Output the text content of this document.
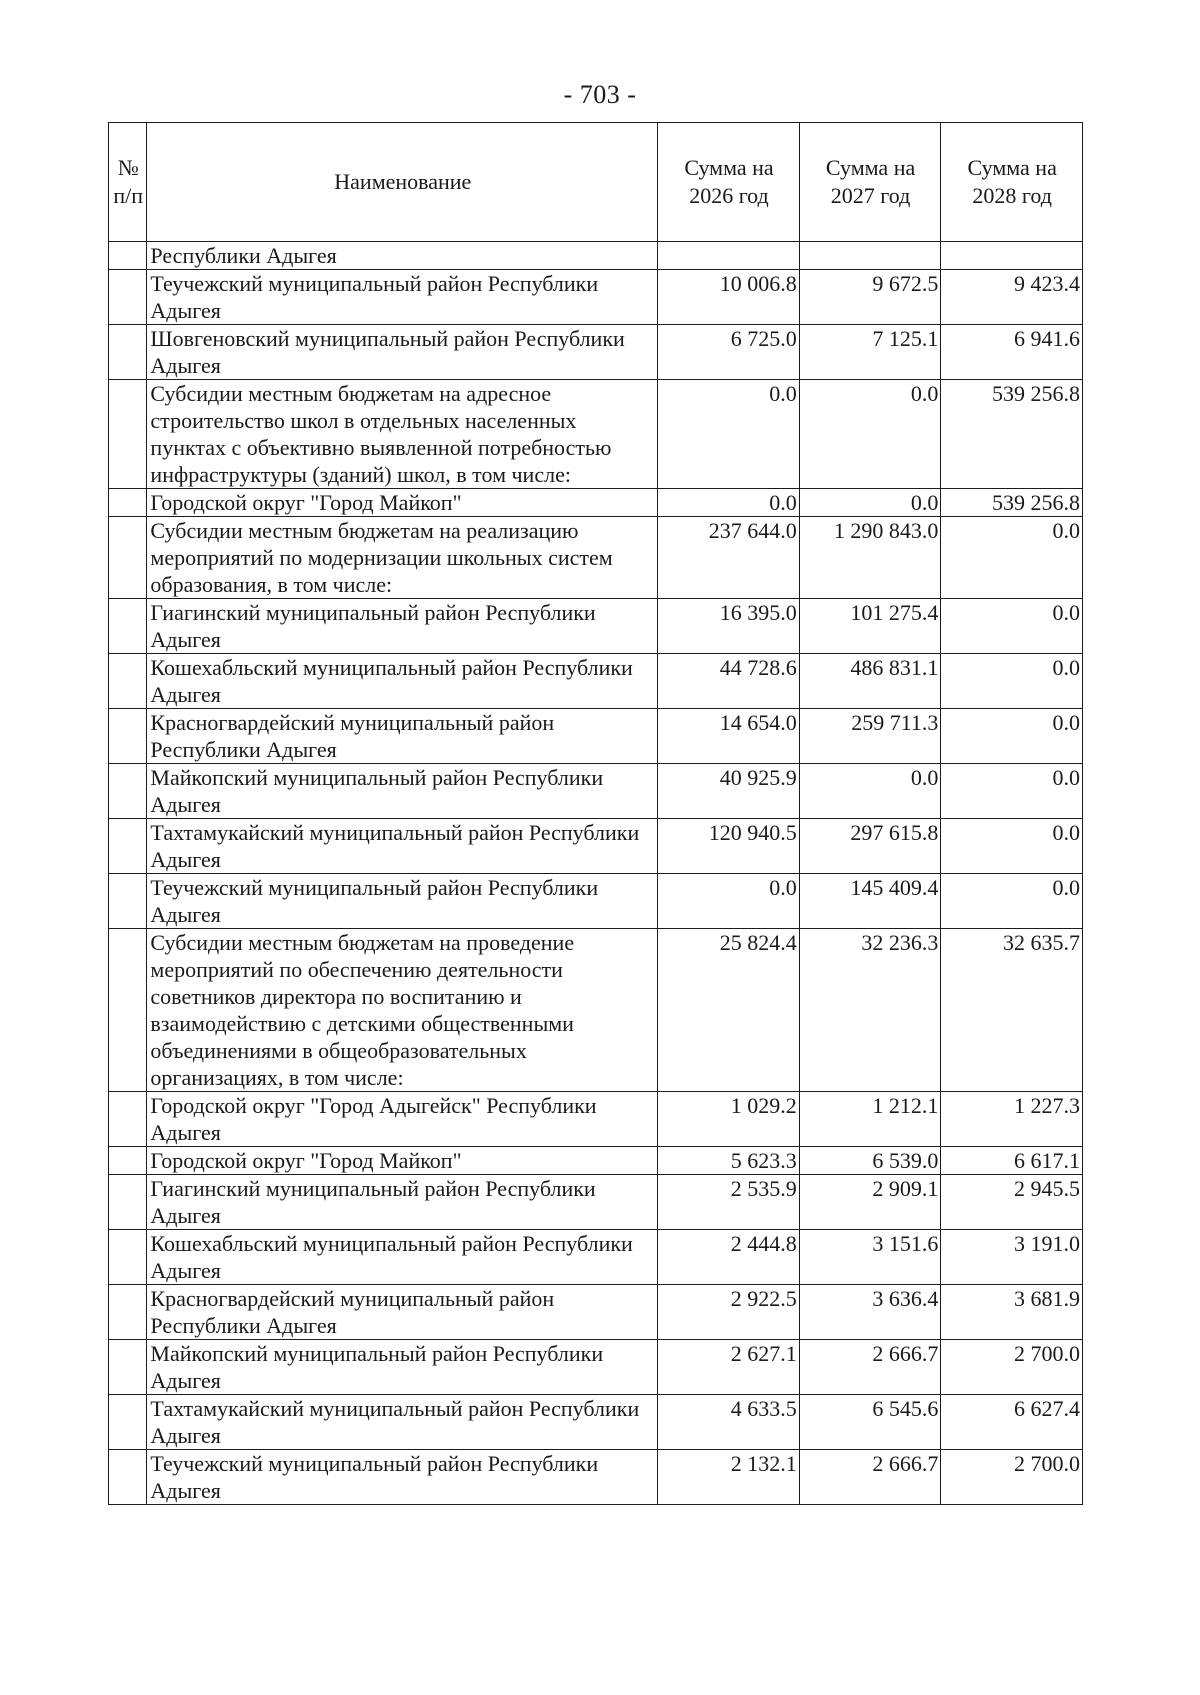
- 703 -
№ п/п	Наименование	Сумма на 2026 год	Сумма на 2027 год	Сумма на 2028 год
	Республики Адыгея			
	Теучежский муниципальный район Республики Адыгея	10 006.8	9 672.5	9 423.4
	Шовгеновский муниципальный район Республики Адыгея	6 725.0	7 125.1	6 941.6
	Субсидии местным бюджетам на адресное строительство школ в отдельных населенных пунктах с объективно выявленной потребностью инфраструктуры (зданий) школ, в том числе:	0.0	0.0	539 256.8
	Городской округ "Город Майкоп"	0.0	0.0	539 256.8
	Субсидии местным бюджетам на реализацию мероприятий по модернизации школьных систем образования, в том числе:	237 644.0	1 290 843.0	0.0
	Гиагинский муниципальный район Республики Адыгея	16 395.0	101 275.4	0.0
	Кошехабльский муниципальный район Республики Адыгея	44 728.6	486 831.1	0.0
	Красногвардейский муниципальный район Республики Адыгея	14 654.0	259 711.3	0.0
	Майкопский муниципальный район Республики Адыгея	40 925.9	0.0	0.0
	Тахтамукайский муниципальный район Республики Адыгея	120 940.5	297 615.8	0.0
	Теучежский муниципальный район Республики Адыгея	0.0	145 409.4	0.0
	Субсидии местным бюджетам на проведение мероприятий по обеспечению деятельности советников директора по воспитанию и взаимодействию с детскими общественными объединениями в общеобразовательных организациях, в том числе:	25 824.4	32 236.3	32 635.7
	Городской округ "Город Адыгейск" Республики Адыгея	1 029.2	1 212.1	1 227.3
	Городской округ "Город Майкоп"	5 623.3	6 539.0	6 617.1
	Гиагинский муниципальный район Республики Адыгея	2 535.9	2 909.1	2 945.5
	Кошехабльский муниципальный район Республики Адыгея	2 444.8	3 151.6	3 191.0
	Красногвардейский муниципальный район Республики Адыгея	2 922.5	3 636.4	3 681.9
	Майкопский муниципальный район Республики Адыгея	2 627.1	2 666.7	2 700.0
	Тахтамукайский муниципальный район Республики Адыгея	4 633.5	6 545.6	6 627.4
	Теучежский муниципальный район Республики Адыгея	2 132.1	2 666.7	2 700.0
